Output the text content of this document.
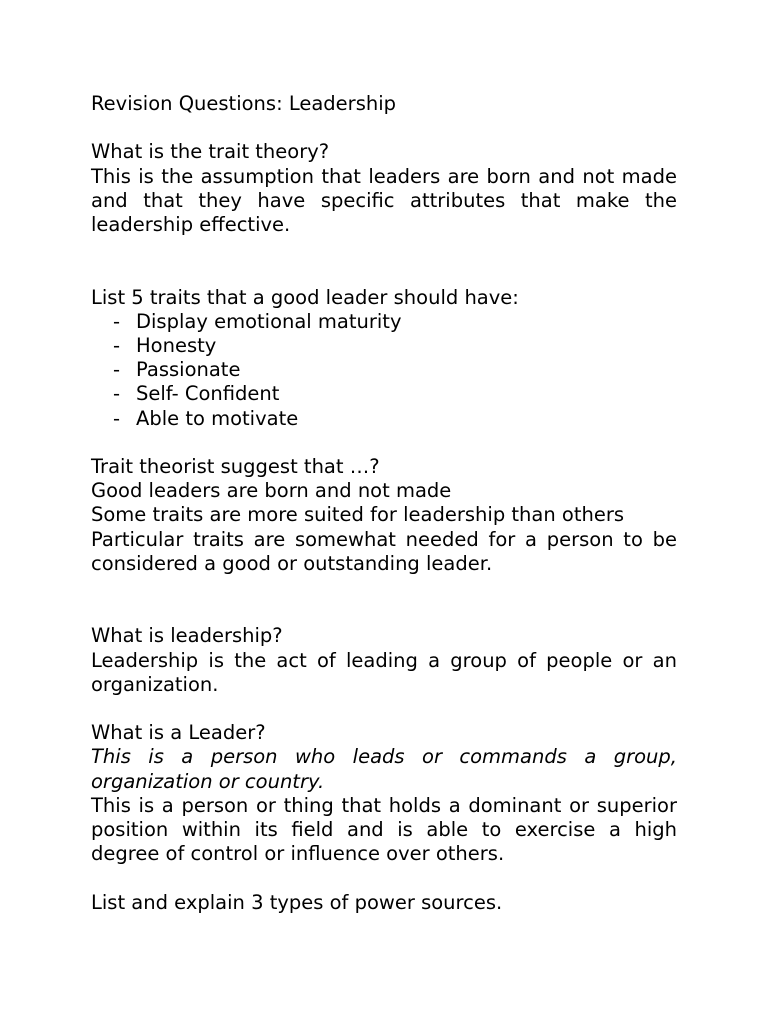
Revision Questions: Leadership
What is the trait theory?
This is the assumption that leaders are born and not made and that they have specific attributes that make the leadership effective.
List 5 traits that a good leader should have:
- Display emotional maturity
- Honesty
- Passionate
- Self- Confident
- Able to motivate
Trait theorist suggest that …?
Good leaders are born and not made
Some traits are more suited for leadership than others
Particular traits are somewhat needed for a person to be considered a good or outstanding leader.
What is leadership?
Leadership is the act of leading a group of people or an organization.
What is a Leader?
This is a person who leads or commands a group, organization or country.
This is a person or thing that holds a dominant or superior position within its field and is able to exercise a high degree of control or influence over others.
List and explain 3 types of power sources.
